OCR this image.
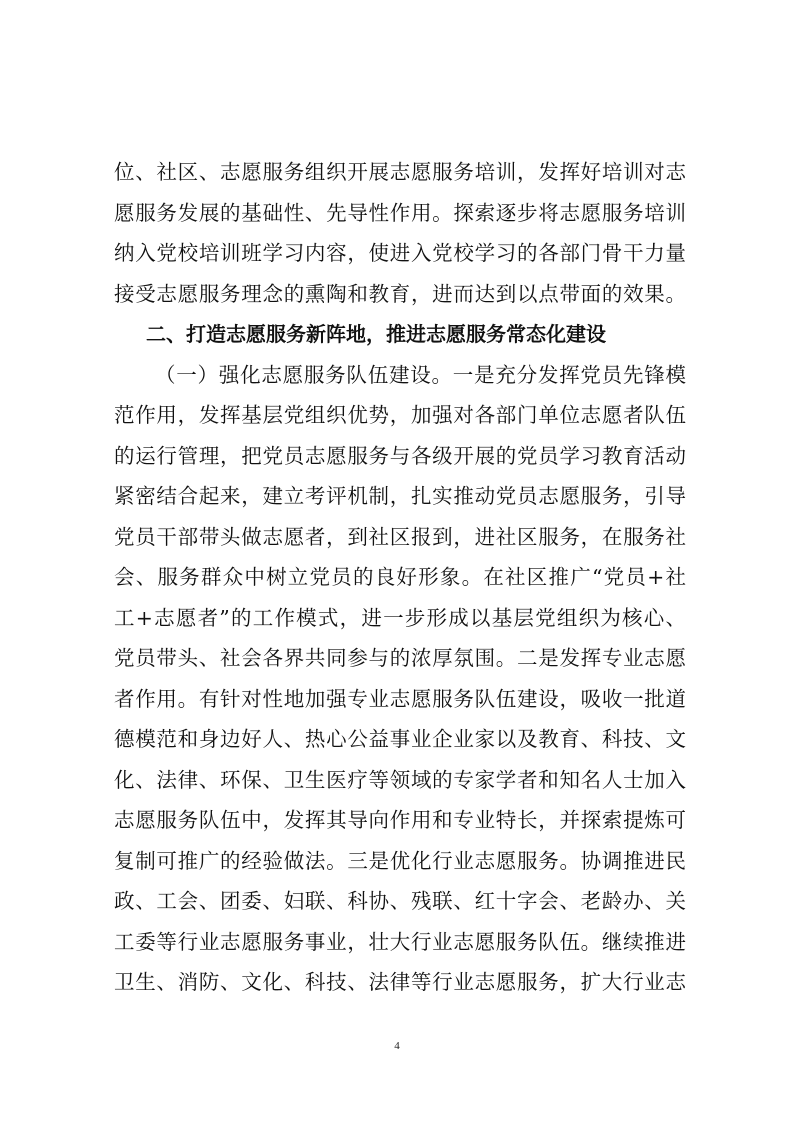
位、社区、志愿服务组织开展志愿服务培训，发挥好培训对志
愿服务发展的基础性、先导性作用。探索逐步将志愿服务培训
纳入党校培训班学习内容，使进入党校学习的各部门骨干力量
接受志愿服务理念的熏陶和教育，进而达到以点带面的效果。
二、打造志愿服务新阵地，推进志愿服务常态化建设
（一）强化志愿服务队伍建设。一是充分发挥党员先锋模
范作用，发挥基层党组织优势，加强对各部门单位志愿者队伍
的运行管理，把党员志愿服务与各级开展的党员学习教育活动
紧密结合起来，建立考评机制，扎实推动党员志愿服务，引导
党员干部带头做志愿者，到社区报到，进社区服务，在服务社
会、服务群众中树立党员的良好形象。在社区推广“党员+社
工+志愿者”的工作模式，进一步形成以基层党组织为核心、
党员带头、社会各界共同参与的浓厚氛围。二是发挥专业志愿
者作用。有针对性地加强专业志愿服务队伍建设，吸收一批道
德模范和身边好人、热心公益事业企业家以及教育、科技、文
化、法律、环保、卫生医疗等领域的专家学者和知名人士加入
志愿服务队伍中，发挥其导向作用和专业特长，并探索提炼可
复制可推广的经验做法。三是优化行业志愿服务。协调推进民
政、工会、团委、妇联、科协、残联、红十字会、老龄办、关
工委等行业志愿服务事业，壮大行业志愿服务队伍。继续推进
卫生、消防、文化、科技、法律等行业志愿服务，扩大行业志
4
